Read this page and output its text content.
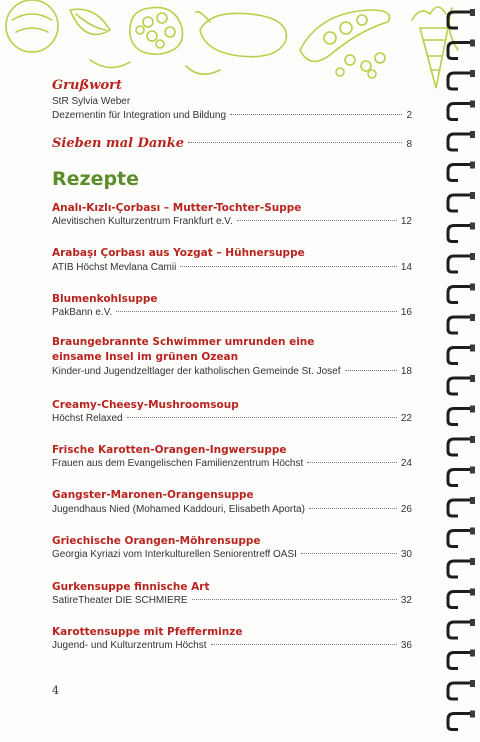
Grußwort
StR Sylvia Weber
Dezernentin für Integration und Bildung	2
Sieben mal Danke	8
Rezepte
Analı-Kızlı-Çorbası – Mutter-Tochter-Suppe
Alevitischen Kulturzentrum Frankfurt e.V.	12
Arabaşı Çorbası aus Yozgat – Hühnersuppe
ATIB Höchst Mevlana Camii	14
Blumenkohlsuppe
PakBann e.V.	16
Braungebrannte Schwimmer umrunden eine einsame Insel im grünen Ozean
Kinder-und Jugendzeltlager der katholischen Gemeinde St. Josef	18
Creamy-Cheesy-Mushroomsoup
Höchst Relaxed	22
Frische Karotten-Orangen-Ingwersuppe
Frauen aus dem Evangelischen Familienzentrum Höchst	24
Gangster-Maronen-Orangensuppe
Jugendhaus Nied (Mohamed Kaddouri, Elisabeth Aporta)	26
Griechische Orangen-Möhrensuppe
Georgia Kyriazi vom Interkulturellen Seniorentreff OASI	30
Gurkensuppe finnische Art
SatireTheater DIE SCHMIERE	32
Karottensuppe mit Pfefferminze
Jugend- und Kulturzentrum Höchst	36
4
